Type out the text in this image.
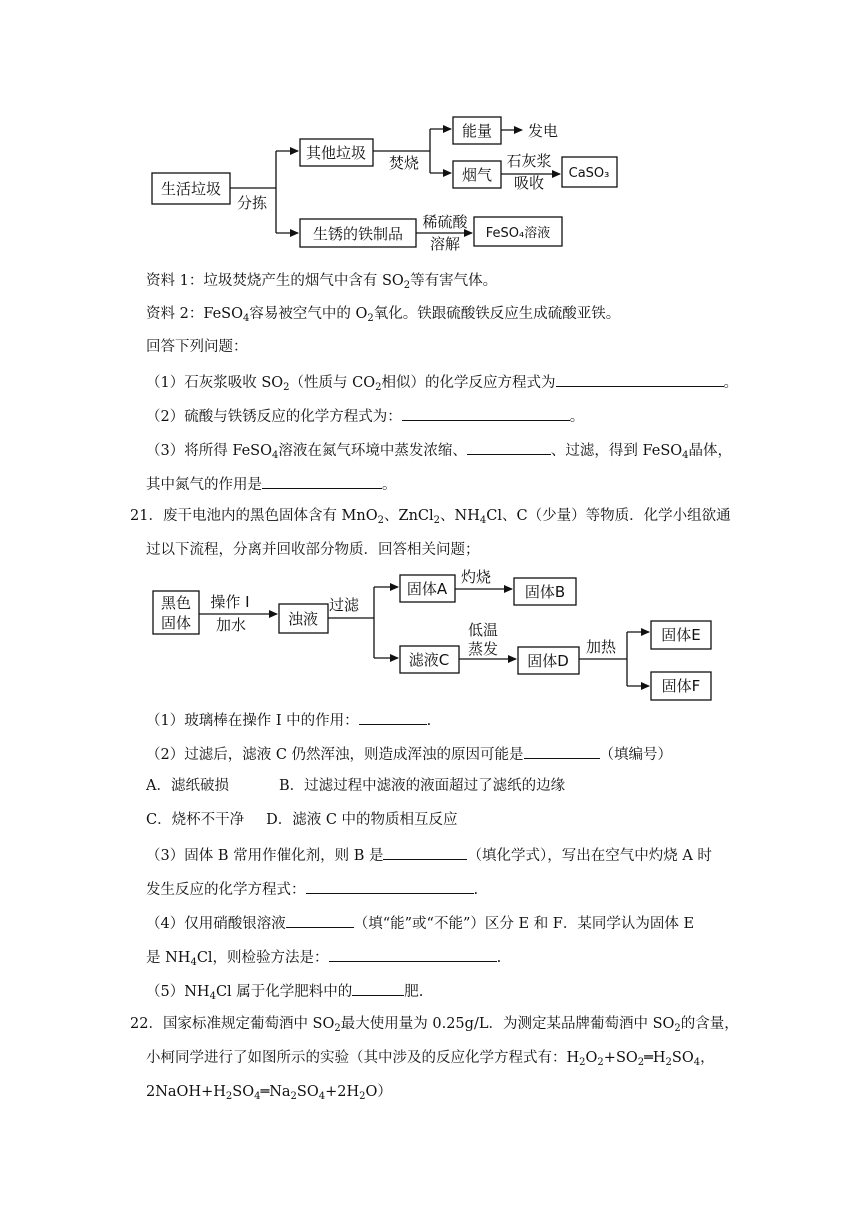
生活垃圾
分拣
其他垃圾
焚烧
能量 发电
烟气
石灰浆
吸收
CaSO₃
生锈的铁制品
稀硫酸
溶解
FeSO₄溶液
资料 1：垃圾焚烧产生的烟气中含有 $SO_2$等有害气体。
资料 2：FeSO$_4$容易被空气中的 $O_2$氧化。铁跟硫酸铁反应生成硫酸亚铁。
回答下列问题：
（1）石灰浆吸收 $SO_2$（性质与 $CO_2$相似）的化学反应方程式为	。
（2）硫酸与铁锈反应的化学方程式为：	。
（3）将所得 FeSO$_4$溶液在氮气环境中蒸发浓缩、	、过滤，得到 FeSO$_4$晶体，
其中氮气的作用是	。
21．废干电池内的黑色固体含有 MnO$_2$、ZnCl$_2$、$NH_4Cl$、C（少量）等物质．化学小组欲通
过以下流程，分离并回收部分物质．回答相关问题；
黑色
固体
操作 I
加水	浊液
过滤
固体A
灼烧
固体B
滤液C
低温
蒸发
固体D
加热
固体E
固体F
（1）玻璃棒在操作 I 中的作用：	.
（2）过滤后，滤液 C 仍然浑浊，则造成浑浊的原因可能是	（填编号）
A．滤纸破损	B．过滤过程中滤液的液面超过了滤纸的边缘
C．烧杯不干净 D．滤液 C 中的物质相互反应
（3）固体 B 常用作催化剂，则 B 是	（填化学式），写出在空气中灼烧 A 时
发生反应的化学方程式：	.
（4）仅用硝酸银溶液	（填“能”或“不能”）区分 E 和 F．某同学认为固体 E
是 $NH_4Cl$，则检验方法是：	.
$(5)NH_4Cl$ 属于化学肥料中的	肥.
22．国家标准规定葡萄酒中 $SO_2$最大使用量为 0.25g/L．为测定某品牌葡萄酒中 $SO_2$的含量，
小柯同学进行了如图所示的实验（其中涉及的反应化学方程式有：$H_2O_2+SO_2═H_2SO_4$，
$2NaOH+H_2SO_4═Na_2SO_4+2H_2O$）
